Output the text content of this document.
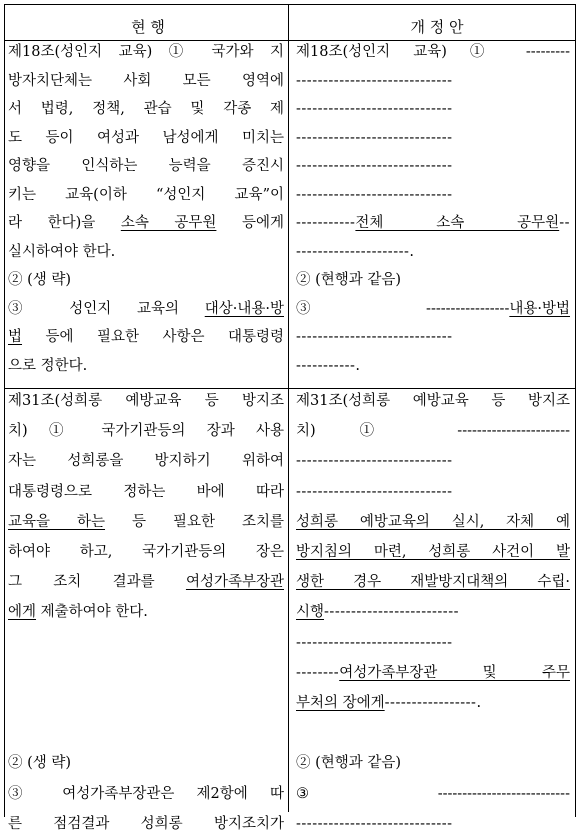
현 행	개 정 안
제18조(성인지 교육) ① 국가와 지
방자치단체는 사회 모든 영역에
서 법령, 정책, 관습 및 각종 제
도 등이 여성과 남성에게 미치는
영향을 인식하는 능력을 증진시
키는 교육(이하 “성인지 교육”이
라 한다)을 소속 공무원 등에게
실시하여야 한다.
② (생 략)
③ 성인지 교육의 대상·내용·방
법 등에 필요한 사항은 대통령령
으로 정한다.
제18조(성인지 교육) ① ---------
-----------------------------
-----------------------------
-----------------------------
-----------------------------
-----------------------------
-----------전체 소속 공무원--
---------------------.
② (현행과 같음)
③ -----------------내용·방법
-----------------------------
-----------.
제31조(성희롱 예방교육 등 방지조
치) ① 국가기관등의 장과 사용
자는 성희롱을 방지하기 위하여
대통령령으로 정하는 바에 따라
교육을 하는 등 필요한 조치를
하여야 하고, 국가기관등의 장은
그 조치 결과를 여성가족부장관
에게 제출하여야 한다.
② (생 략)
③ 여성가족부장관은 제2항에 따
른 점검결과 성희롱 방지조치가
제31조(성희롱 예방교육 등 방지조
치) ① -----------------------
-----------------------------
-----------------------------
성희롱 예방교육의 실시, 자체 예
방지침의 마련, 성희롱 사건이 발
생한 경우 재발방지대책의 수립·
시행-------------------------
-----------------------------
--------여성가족부장관 및 주무
부처의 장에게-----------------.
② (현행과 같음)
③ ---------------------------
-----------------------------
